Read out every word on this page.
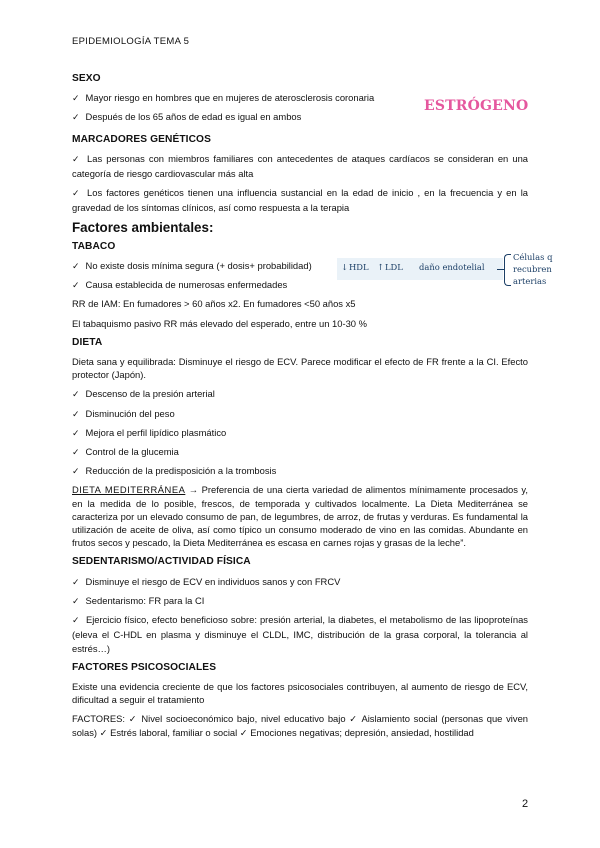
EPIDEMIOLOGÍA TEMA 5
ESTRÓGENO
↓ HDL ↑ LDL daño endotelial
Células q
recubren
arterias
SEXO
✓ Mayor riesgo en hombres que en mujeres de aterosclerosis coronaria
✓ Después de los 65 años de edad es igual en ambos
MARCADORES GENÉTICOS
✓ Las personas con miembros familiares con antecedentes de ataques cardíacos se consideran en una categoría de riesgo cardiovascular más alta
✓ Los factores genéticos tienen una influencia sustancial en la edad de inicio , en la frecuencia y en la gravedad de los síntomas clínicos, así como respuesta a la terapia
Factores ambientales:
TABACO
✓ No existe dosis mínima segura (+ dosis+ probabilidad)
✓ Causa establecida de numerosas enfermedades
RR de IAM: En fumadores > 60 años x2. En fumadores <50 años x5
El tabaquismo pasivo RR más elevado del esperado, entre un 10-30 %
DIETA
Dieta sana y equilibrada: Disminuye el riesgo de ECV. Parece modificar el efecto de FR frente a la CI. Efecto protector (Japón).
✓ Descenso de la presión arterial
✓ Disminución del peso
✓ Mejora el perfil lipídico plasmático
✓ Control de la glucemia
✓ Reducción de la predisposición a la trombosis
DIETA MEDITERRÁNEA → Preferencia de una cierta variedad de alimentos mínimamente procesados y, en la medida de lo posible, frescos, de temporada y cultivados localmente. La Dieta Mediterránea se caracteriza por un elevado consumo de pan, de legumbres, de arroz, de frutas y verduras. Es fundamental la utilización de aceite de oliva, así como típico un consumo moderado de vino en las comidas. Abundante en frutos secos y pescado, la Dieta Mediterránea es escasa en carnes rojas y grasas de la leche”.
SEDENTARISMO/ACTIVIDAD FÍSICA
✓ Disminuye el riesgo de ECV en individuos sanos y con FRCV
✓ Sedentarismo: FR para la CI
✓ Ejercicio físico, efecto beneficioso sobre: presión arterial, la diabetes, el metabolismo de las lipoproteínas (eleva el C-HDL en plasma y disminuye el CLDL, IMC, distribución de la grasa corporal, la tolerancia al estrés…)
FACTORES PSICOSOCIALES
Existe una evidencia creciente de que los factores psicosociales contribuyen, al aumento de riesgo de ECV, dificultad a seguir el tratamiento
FACTORES: ✓ Nivel socioeconómico bajo, nivel educativo bajo ✓ Aislamiento social (personas que viven solas) ✓ Estrés laboral, familiar o social ✓ Emociones negativas; depresión, ansiedad, hostilidad
2
